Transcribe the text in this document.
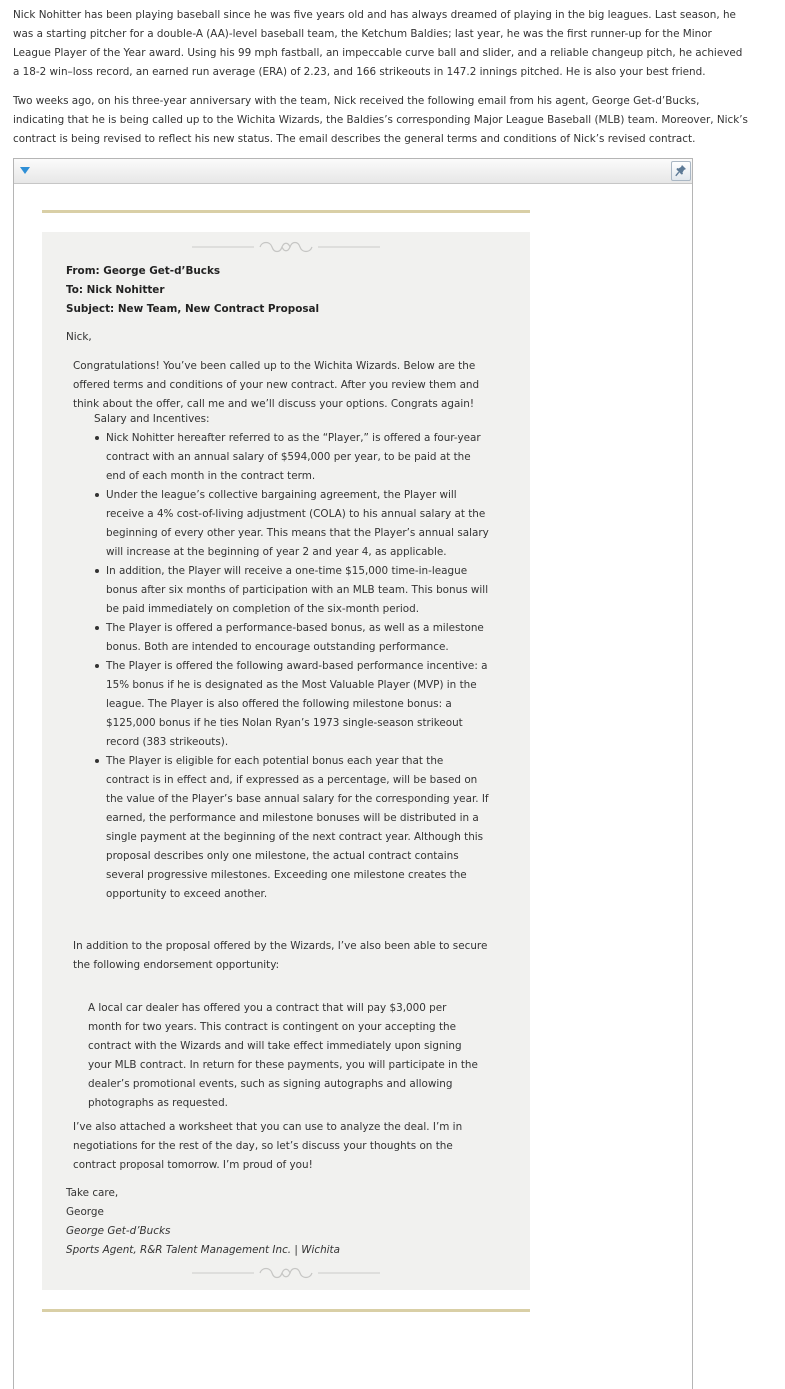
Nick Nohitter has been playing baseball since he was five years old and has always dreamed of playing in the big leagues. Last season, he was a starting pitcher for a double-A (AA)-level baseball team, the Ketchum Baldies; last year, he was the first runner-up for the Minor League Player of the Year award. Using his 99 mph fastball, an impeccable curve ball and slider, and a reliable changeup pitch, he achieved a 18-2 win–loss record, an earned run average (ERA) of 2.23, and 166 strikeouts in 147.2 innings pitched. He is also your best friend.

Two weeks ago, on his three-year anniversary with the team, Nick received the following email from his agent, George Get-d’Bucks, indicating that he is being called up to the Wichita Wizards, the Baldies’s corresponding Major League Baseball (MLB) team. Moreover, Nick’s contract is being revised to reflect his new status. The email describes the general terms and conditions of Nick’s revised contract.

From: George Get-d’Bucks

To: Nick Nohitter

Subject: New Team, New Contract Proposal

Nick,

Congratulations! You’ve been called up to the Wichita Wizards. Below are the offered terms and conditions of your new contract. After you review them and think about the offer, call me and we’ll discuss your options. Congrats again!

Salary and Incentives:

Nick Nohitter hereafter referred to as the “Player,” is offered a four-year contract with an annual salary of $594,000 per year, to be paid at the end of each month in the contract term.
Under the league’s collective bargaining agreement, the Player will receive a 4% cost-of-living adjustment (COLA) to his annual salary at the beginning of every other year. This means that the Player’s annual salary will increase at the beginning of year 2 and year 4, as applicable.
In addition, the Player will receive a one-time $15,000 time-in-league bonus after six months of participation with an MLB team. This bonus will be paid immediately on completion of the six-month period.
The Player is offered a performance-based bonus, as well as a milestone bonus. Both are intended to encourage outstanding performance.
The Player is offered the following award-based performance incentive: a 15% bonus if he is designated as the Most Valuable Player (MVP) in the league. The Player is also offered the following milestone bonus: a $125,000 bonus if he ties Nolan Ryan’s 1973 single-season strikeout record (383 strikeouts).
The Player is eligible for each potential bonus each year that the contract is in effect and, if expressed as a percentage, will be based on the value of the Player’s base annual salary for the corresponding year. If earned, the performance and milestone bonuses will be distributed in a single payment at the beginning of the next contract year. Although this proposal describes only one milestone, the actual contract contains several progressive milestones. Exceeding one milestone creates the opportunity to exceed another.

In addition to the proposal offered by the Wizards, I’ve also been able to secure the following endorsement opportunity:

A local car dealer has offered you a contract that will pay $3,000 per month for two years. This contract is contingent on your accepting the contract with the Wizards and will take effect immediately upon signing your MLB contract. In return for these payments, you will participate in the dealer’s promotional events, such as signing autographs and allowing photographs as requested.

I’ve also attached a worksheet that you can use to analyze the deal. I’m in negotiations for the rest of the day, so let’s discuss your thoughts on the contract proposal tomorrow. I’m proud of you!

Take care,

George

George Get-d’Bucks

Sports Agent, R&R Talent Management Inc. | Wichita
